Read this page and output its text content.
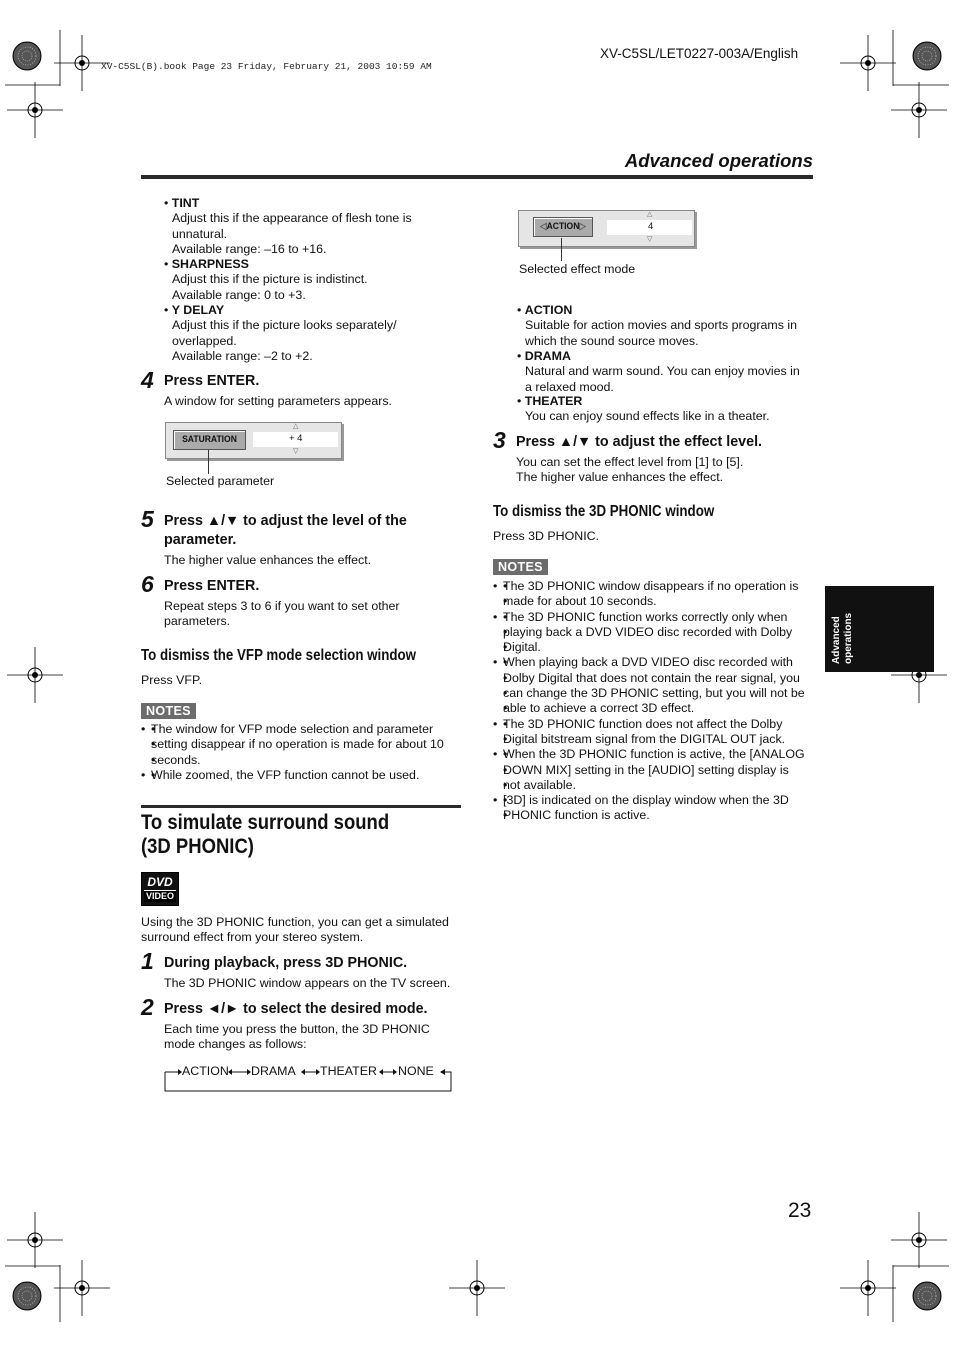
XV-C5SL(B).book Page 23 Friday, February 21, 2003 10:59 AM
XV-C5SL/LET0227-003A/English
Advanced operations
Advanced operations
• TINT
Adjust this if the appearance of flesh tone is
unnatural.
Available range: –16 to +16.
• SHARPNESS
Adjust this if the picture is indistinct.
Available range: 0 to +3.
• Y DELAY
Adjust this if the picture looks separately/
overlapped.
Available range: –2 to +2.
4 Press ENTER.
A window for setting parameters appears.
SATURATION	+ 4
△
▽
Selected parameter
5 Press ▲/▼ to adjust the level of the
parameter.
The higher value enhances the effect.
6 Press ENTER.
Repeat steps 3 to 6 if you want to set other
parameters.
To dismiss the VFP mode selection window
Press VFP.
NOTES
• • The window for VFP mode selection and parameter
• setting disappear if no operation is made for about 10
• seconds.
• • While zoomed, the VFP function cannot be used.
To simulate surround sound
(3D PHONIC)
DVD
VIDEO
Using the 3D PHONIC function, you can get a simulated
surround effect from your stereo system.
1 During playback, press 3D PHONIC.
The 3D PHONIC window appears on the TV screen.
2 Press ◄/► to select the desired mode.
Each time you press the button, the 3D PHONIC
mode changes as follows:
ACTION DRAMA THEATER NONE
◁ACTION▷	4
△
▽
Selected effect mode
• ACTION
Suitable for action movies and sports programs in
which the sound source moves.
• DRAMA
Natural and warm sound. You can enjoy movies in
a relaxed mood.
• THEATER
You can enjoy sound effects like in a theater.
3 Press ▲/▼ to adjust the effect level.
You can set the effect level from [1] to [5].
The higher value enhances the effect.
To dismiss the 3D PHONIC window
Press 3D PHONIC.
NOTES
• • The 3D PHONIC window disappears if no operation is
• made for about 10 seconds.
• • The 3D PHONIC function works correctly only when
• playing back a DVD VIDEO disc recorded with Dolby
• Digital.
• • When playing back a DVD VIDEO disc recorded with
• Dolby Digital that does not contain the rear signal, you
• can change the 3D PHONIC setting, but you will not be
• able to achieve a correct 3D effect.
• • The 3D PHONIC function does not affect the Dolby
• Digital bitstream signal from the DIGITAL OUT jack.
• • When the 3D PHONIC function is active, the [ANALOG
• DOWN MIX] setting in the [AUDIO] setting display is
• not available.
• • [3D] is indicated on the display window when the 3D
• PHONIC function is active.
23
